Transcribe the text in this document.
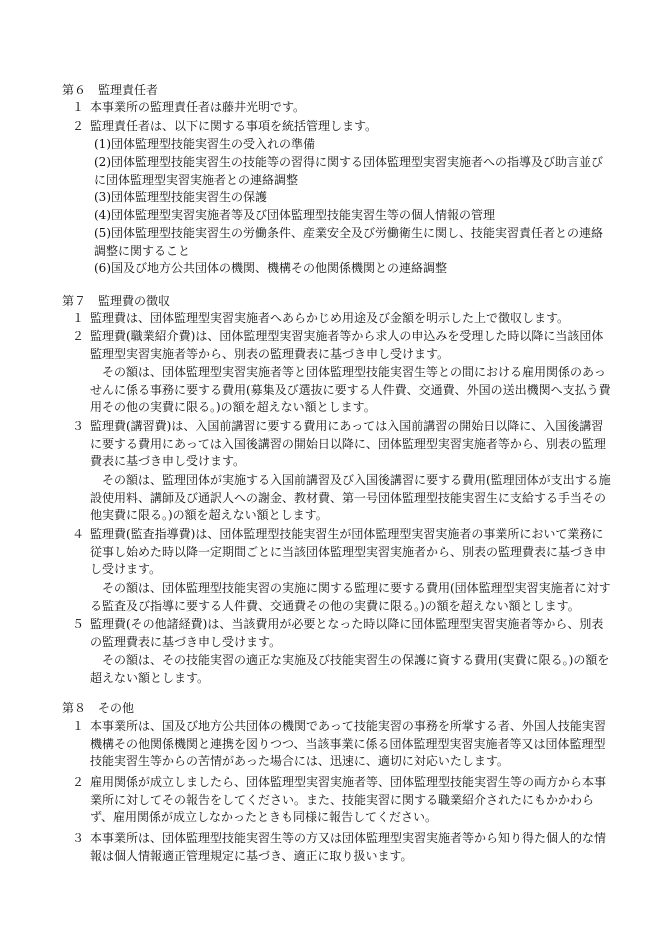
第６　監理責任者
１ 本事業所の監理責任者は藤井光明です。
２ 監理責任者は、以下に関する事項を統括管理します。
(1)団体監理型技能実習生の受入れの準備
(2)団体監理型技能実習生の技能等の習得に関する団体監理型実習実施者への指導及び助言並びに団体監理型実習実施者との連絡調整
(3)団体監理型技能実習生の保護
(4)団体監理型実習実施者等及び団体監理型技能実習生等の個人情報の管理
(5)団体監理型技能実習生の労働条件、産業安全及び労働衛生に関し、技能実習責任者との連絡調整に関すること
(6)国及び地方公共団体の機関、機構その他関係機関との連絡調整
第７　監理費の徴収
１ 監理費は、団体監理型実習実施者へあらかじめ用途及び金額を明示した上で徴収します。
２ 監理費(職業紹介費)は、団体監理型実習実施者等から求人の申込みを受理した時以降に当該団体監理型実習実施者等から、別表の監理費表に基づき申し受けます。
その額は、団体監理型実習実施者等と団体監理型技能実習生等との間における雇用関係のあっせんに係る事務に要する費用(募集及び選抜に要する人件費、交通費、外国の送出機関へ支払う費用その他の実費に限る。)の額を超えない額とします。
３ 監理費(講習費)は、入国前講習に要する費用にあっては入国前講習の開始日以降に、入国後講習に要する費用にあっては入国後講習の開始日以降に、団体監理型実習実施者等から、別表の監理費表に基づき申し受けます。
その額は、監理団体が実施する入国前講習及び入国後講習に要する費用(監理団体が支出する施設使用料、講師及び通訳人への謝金、教材費、第一号団体監理型技能実習生に支給する手当その他実費に限る。)の額を超えない額とします。
４ 監理費(監査指導費)は、団体監理型技能実習生が団体監理型実習実施者の事業所において業務に従事し始めた時以降一定期間ごとに当該団体監理型実習実施者から、別表の監理費表に基づき申し受けます。
その額は、団体監理型技能実習の実施に関する監理に要する費用(団体監理型実習実施者に対する監査及び指導に要する人件費、交通費その他の実費に限る。)の額を超えない額とします。
５ 監理費(その他諸経費)は、当該費用が必要となった時以降に団体監理型実習実施者等から、別表の監理費表に基づき申し受けます。
その額は、その技能実習の適正な実施及び技能実習生の保護に資する費用(実費に限る。)の額を超えない額とします。
第８　その他
１ 本事業所は、国及び地方公共団体の機関であって技能実習の事務を所掌する者、外国人技能実習機構その他関係機関と連携を図りつつ、当該事業に係る団体監理型実習実施者等又は団体監理型技能実習生等からの苦情があった場合には、迅速に、適切に対応いたします。
２ 雇用関係が成立しましたら、団体監理型実習実施者等、団体監理型技能実習生等の両方から本事業所に対してその報告をしてください。また、技能実習に関する職業紹介されたにもかかわらず、雇用関係が成立しなかったときも同様に報告してください。
３ 本事業所は、団体監理型技能実習生等の方又は団体監理型実習実施者等から知り得た個人的な情報は個人情報適正管理規定に基づき、適正に取り扱います。
